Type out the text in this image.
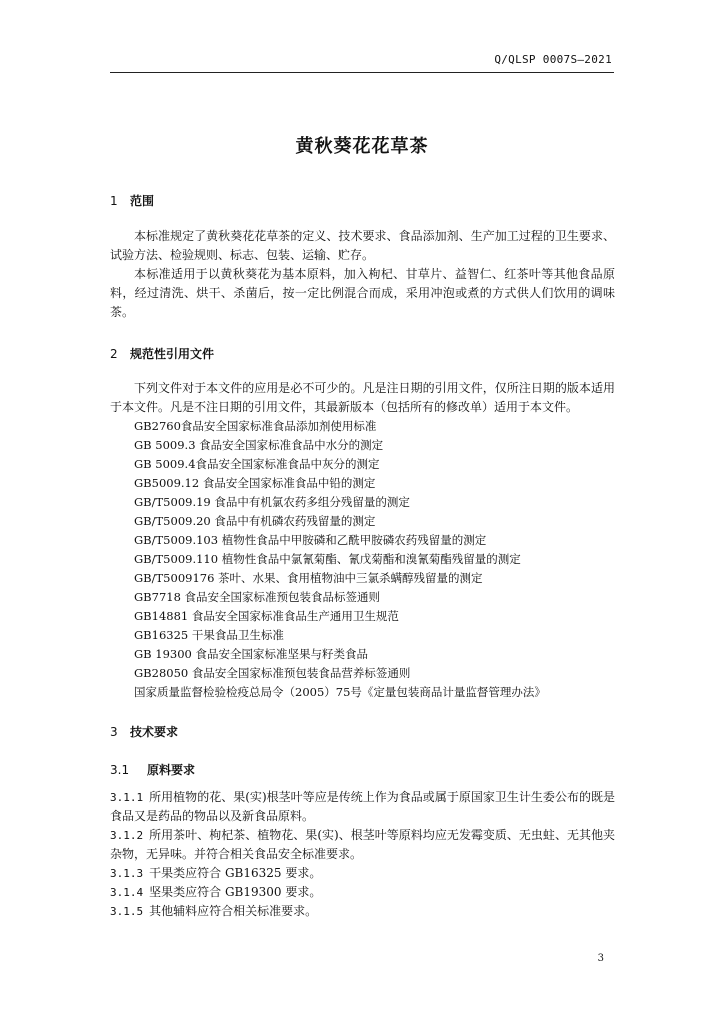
Q/QLSP 0007S—2021
黄秋葵花花草茶
1 范围
本标准规定了黄秋葵花花草茶的定义、技术要求、食品添加剂、生产加工过程的卫生要求、试验方法、检验规则、标志、包装、运输、贮存。
本标准适用于以黄秋葵花为基本原料，加入枸杞、甘草片、益智仁、红茶叶等其他食品原料，经过清洗、烘干、杀菌后，按一定比例混合而成，采用冲泡或煮的方式供人们饮用的调味茶。
2 规范性引用文件
下列文件对于本文件的应用是必不可少的。凡是注日期的引用文件，仅所注日期的版本适用于本文件。凡是不注日期的引用文件，其最新版本（包括所有的修改单）适用于本文件。
GB2760食品安全国家标准食品添加剂使用标准
GB 5009.3 食品安全国家标准食品中水分的测定
GB 5009.4食品安全国家标准食品中灰分的测定
GB5009.12 食品安全国家标准食品中铅的测定
GB/T5009.19 食品中有机氯农药多组分残留量的测定
GB/T5009.20 食品中有机磷农药残留量的测定
GB/T5009.103 植物性食品中甲胺磷和乙酰甲胺磷农药残留量的测定
GB/T5009.110 植物性食品中氯氰菊酯、氰戊菊酯和溴氰菊酯残留量的测定
GB/T5009176 茶叶、水果、食用植物油中三氯杀螨醇残留量的测定
GB7718 食品安全国家标准预包装食品标签通则
GB14881 食品安全国家标准食品生产通用卫生规范
GB16325 干果食品卫生标准
GB 19300 食品安全国家标准坚果与籽类食品
GB28050 食品安全国家标准预包装食品营养标签通则
国家质量监督检验检疫总局令（2005）75号《定量包装商品计量监督管理办法》
3 技术要求
3.1 原料要求
3.1.1 所用植物的花、果(实)根茎叶等应是传统上作为食品或属于原国家卫生计生委公布的既是食品又是药品的物品以及新食品原料。
3.1.2 所用茶叶、枸杞茶、植物花、果(实)、根茎叶等原料均应无发霉变质、无虫蛀、无其他夹杂物，无异味。并符合相关食品安全标准要求。
3.1.3 干果类应符合 GB16325 要求。
3.1.4 坚果类应符合 GB19300 要求。
3.1.5 其他辅料应符合相关标准要求。
3
